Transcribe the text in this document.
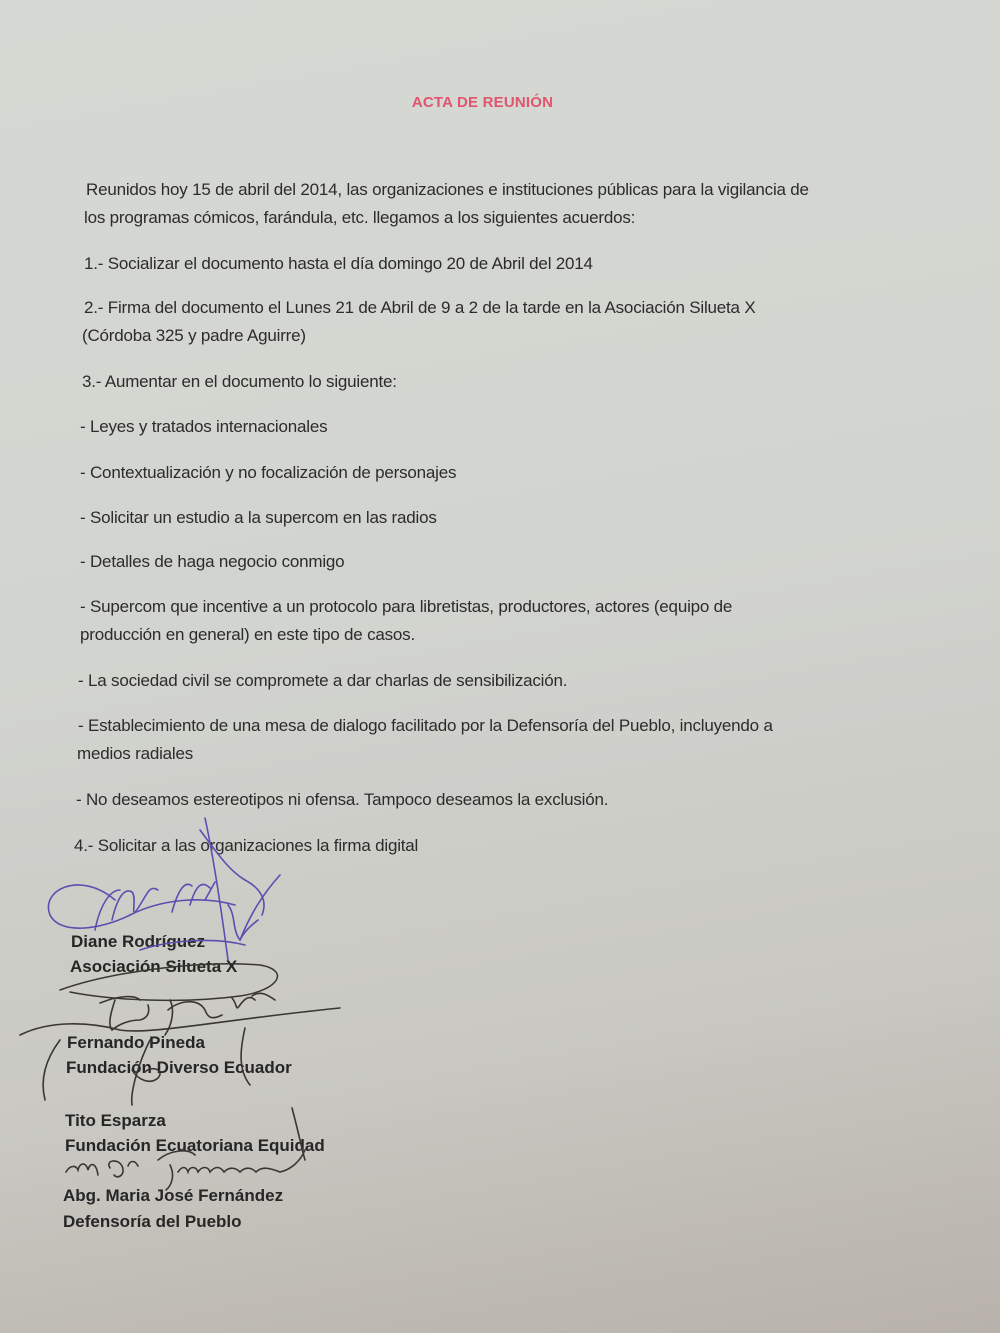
ACTA DE REUNIÓN
Reunidos hoy 15 de abril del 2014, las organizaciones e instituciones públicas para la vigilancia de
los programas cómicos, farándula, etc. llegamos a los siguientes acuerdos:
1.- Socializar el documento hasta el día domingo 20 de Abril del 2014
2.- Firma del documento el Lunes 21 de Abril de 9 a 2 de la tarde en la Asociación Silueta X
(Córdoba 325 y padre Aguirre)
3.- Aumentar en el documento lo siguiente:
- Leyes y tratados internacionales
- Contextualización y no focalización de personajes
- Solicitar un estudio a la supercom en las radios
- Detalles de haga negocio conmigo
- Supercom que incentive a un protocolo para libretistas, productores, actores (equipo de
producción en general) en este tipo de casos.
- La sociedad civil se compromete a dar charlas de sensibilización.
- Establecimiento de una mesa de dialogo facilitado por la Defensoría del Pueblo, incluyendo a
medios radiales
- No deseamos estereotipos ni ofensa. Tampoco deseamos la exclusión.
4.- Solicitar a las organizaciones la firma digital
Diane Rodríguez
Asociación Silueta X
Fernando Pineda
Fundación Diverso Ecuador
Tito Esparza
Fundación Ecuatoriana Equidad
Abg. Maria José Fernández
Defensoría del Pueblo
